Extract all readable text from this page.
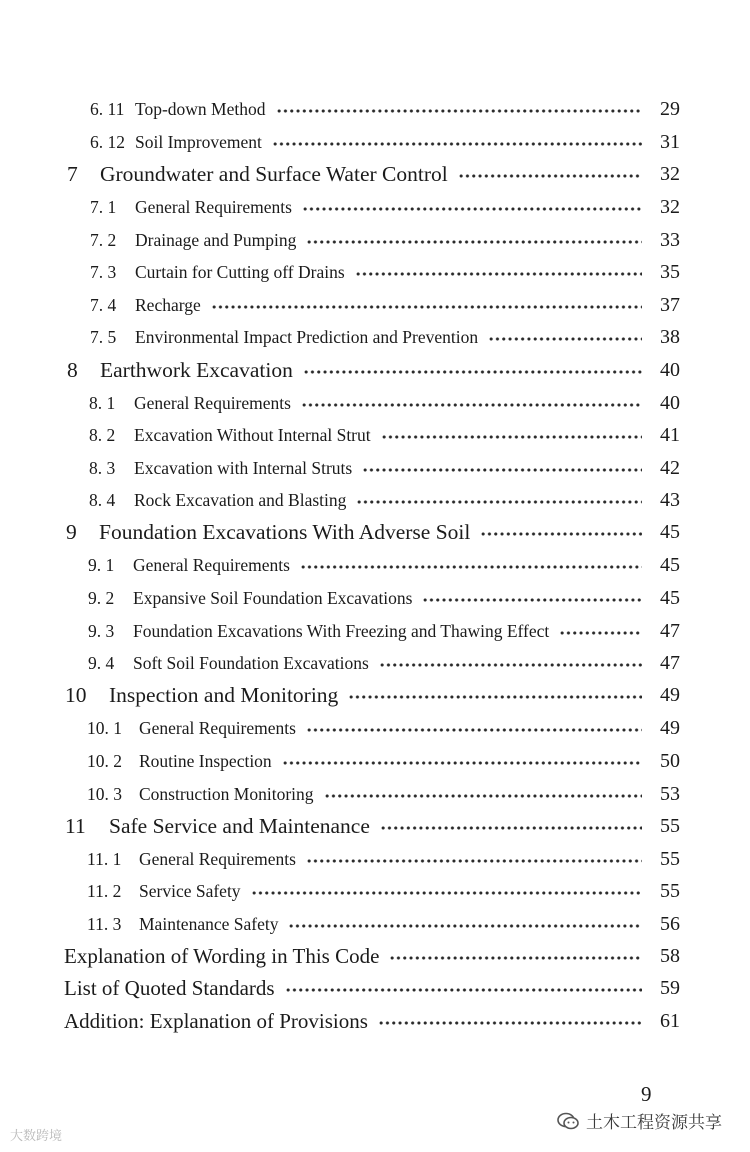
6. 11 Top-down Method	29
6. 12 Soil Improvement	31
7	Groundwater and Surface Water Control	32
7. 1	General Requirements	32
7. 2	Drainage and Pumping	33
7. 3	Curtain for Cutting off Drains	35
7. 4	Recharge	37
7. 5	Environmental Impact Prediction and Prevention	38
8	Earthwork Excavation	40
8. 1	General Requirements	40
8. 2	Excavation Without Internal Strut	41
8. 3	Excavation with Internal Struts	42
8. 4	Rock Excavation and Blasting	43
9	Foundation Excavations With Adverse Soil	45
9. 1	General Requirements	45
9. 2	Expansive Soil Foundation Excavations	45
9. 3	Foundation Excavations With Freezing and Thawing Effect	47
9. 4	Soft Soil Foundation Excavations	47
10	Inspection and Monitoring	49
10. 1 General Requirements	49
10. 2 Routine Inspection	50
10. 3 Construction Monitoring	53
11	Safe Service and Maintenance	55
11. 1	General Requirements	55
11. 2	Service Safety	55
11. 3	Maintenance Safety	56
Explanation of Wording in This Code	58
List of Quoted Standards	59
Addition: Explanation of Provisions	61
9
大数跨境
土木工程资源共享
